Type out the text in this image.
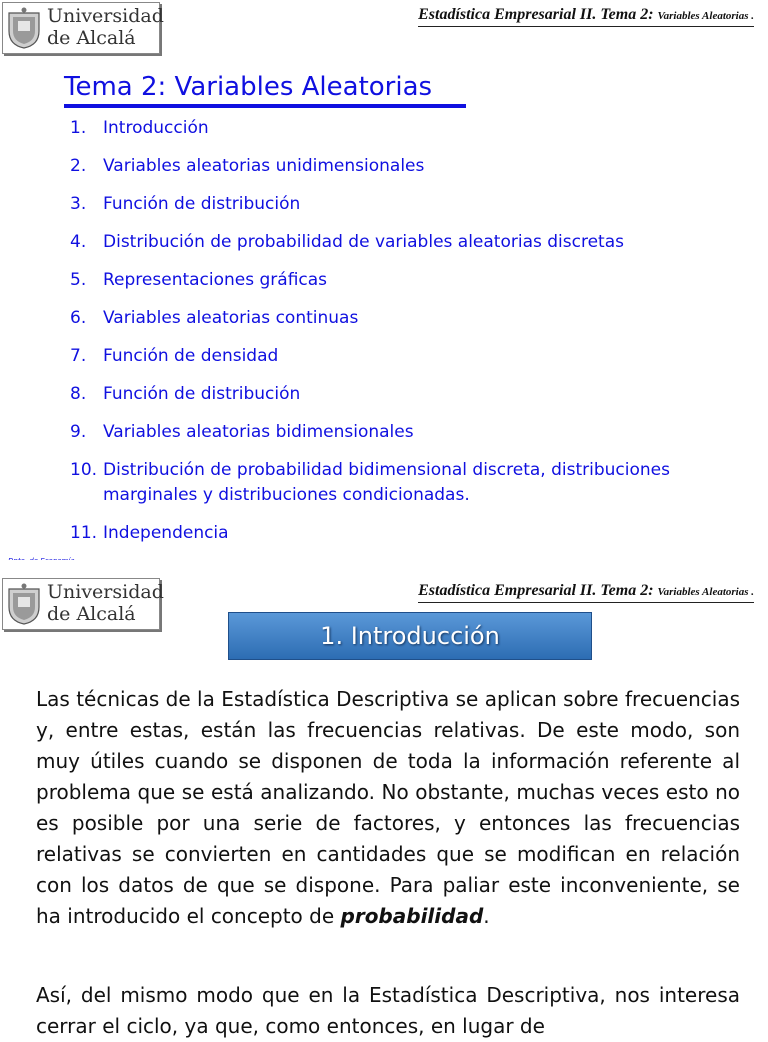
Universidad
de Alcalá
Estadística Empresarial II. Tema 2: Variables Aleatorias .
Tema 2: Variables Aleatorias
1. Introducción
2. Variables aleatorias unidimensionales
3. Función de distribución
4. Distribución de probabilidad de variables aleatorias discretas
5. Representaciones gráficas
6. Variables aleatorias continuas
7. Función de densidad
8. Función de distribución
9. Variables aleatorias bidimensionales
10. Distribución de probabilidad bidimensional discreta, distribuciones marginales y distribuciones condicionadas.
11. Independencia
Universidad
de Alcalá
Estadística Empresarial II. Tema 2: Variables Aleatorias .
1. Introducción

Las técnicas de la Estadística Descriptiva se aplican sobre frecuencias y, entre estas, están las frecuencias relativas. De este modo, son muy útiles cuando se disponen de toda la información referente al problema que se está analizando. No obstante, muchas veces esto no es posible por una serie de factores, y entonces las frecuencias relativas se convierten en cantidades que se modifican en relación con los datos de que se dispone. Para paliar este inconveniente, se ha introducido el concepto de probabilidad.

Así, del mismo modo que en la Estadística Descriptiva, nos interesa cerrar el ciclo, ya que, como entonces, en lugar de
